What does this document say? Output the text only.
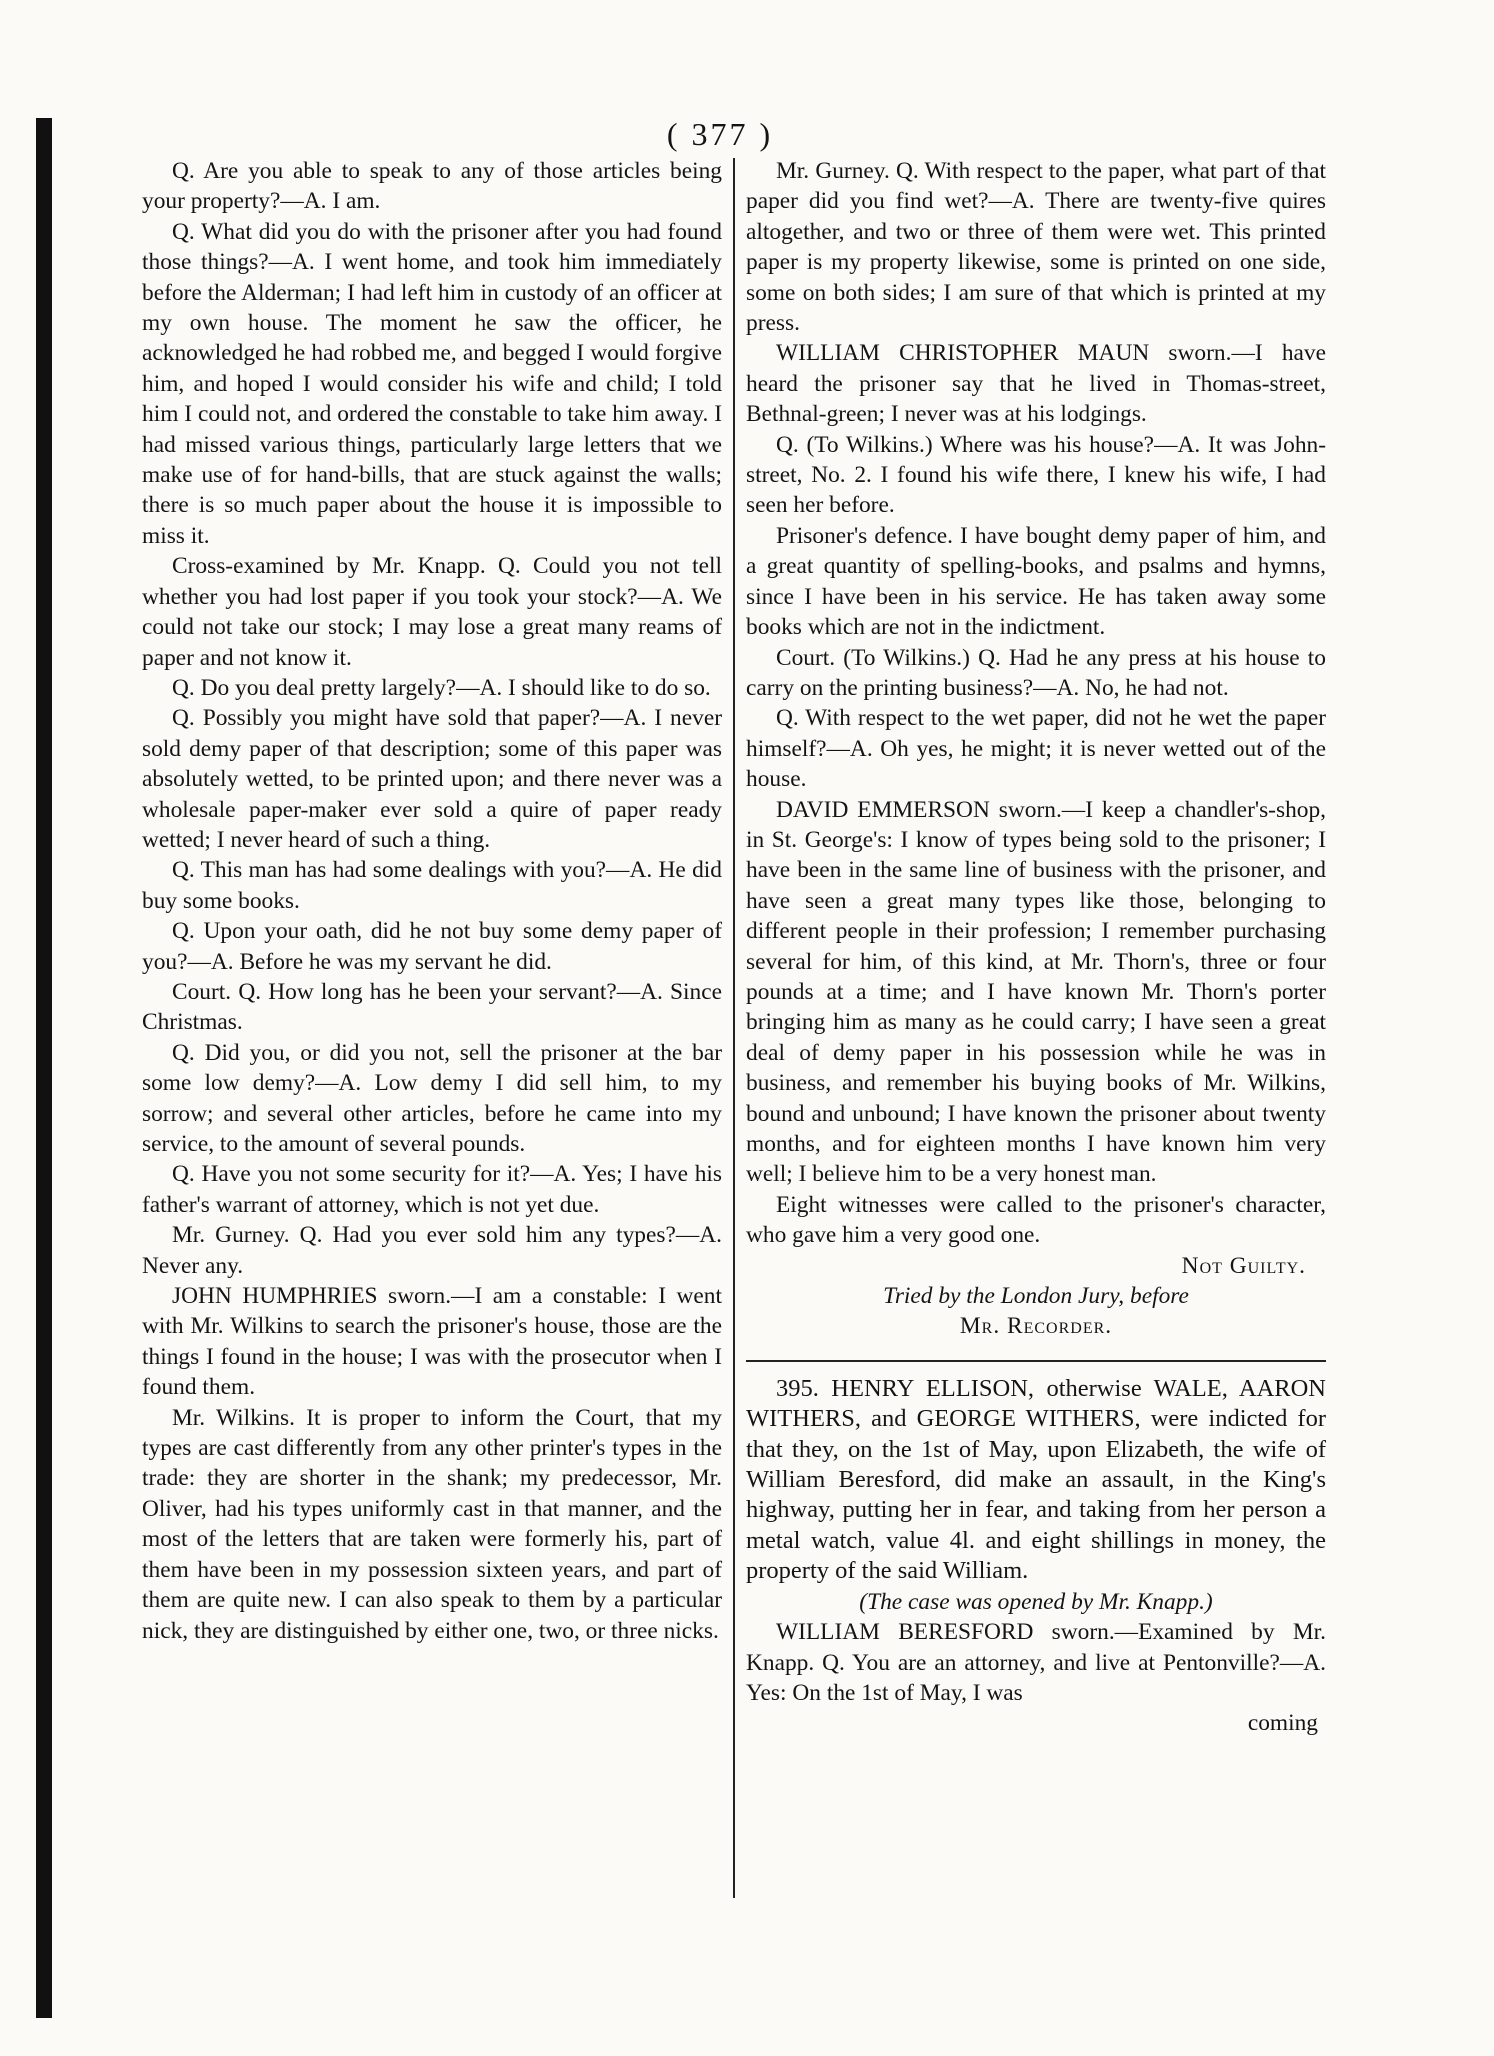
( 377 )

Q. Are you able to speak to any of those articles being your property?—A. I am.

Q. What did you do with the prisoner after you had found those things?—A. I went home, and took him immediately before the Alderman; I had left him in custody of an officer at my own house. The moment he saw the officer, he acknowledged he had robbed me, and begged I would forgive him, and hoped I would consider his wife and child; I told him I could not, and ordered the constable to take him away. I had missed various things, particularly large letters that we make use of for hand-bills, that are stuck against the walls; there is so much paper about the house it is impossible to miss it.

Cross-examined by Mr. Knapp. Q. Could you not tell whether you had lost paper if you took your stock?—A. We could not take our stock; I may lose a great many reams of paper and not know it.

Q. Do you deal pretty largely?—A. I should like to do so.

Q. Possibly you might have sold that paper?—A. I never sold demy paper of that description; some of this paper was absolutely wetted, to be printed upon; and there never was a wholesale paper-maker ever sold a quire of paper ready wetted; I never heard of such a thing.

Q. This man has had some dealings with you?—A. He did buy some books.

Q. Upon your oath, did he not buy some demy paper of you?—A. Before he was my servant he did.

Court. Q. How long has he been your servant?—A. Since Christmas.

Q. Did you, or did you not, sell the prisoner at the bar some low demy?—A. Low demy I did sell him, to my sorrow; and several other articles, before he came into my service, to the amount of several pounds.

Q. Have you not some security for it?—A. Yes; I have his father's warrant of attorney, which is not yet due.

Mr. Gurney. Q. Had you ever sold him any types?—A. Never any.

JOHN HUMPHRIES sworn.—I am a constable: I went with Mr. Wilkins to search the prisoner's house, those are the things I found in the house; I was with the prosecutor when I found them.

Mr. Wilkins. It is proper to inform the Court, that my types are cast differently from any other printer's types in the trade: they are shorter in the shank; my predecessor, Mr. Oliver, had his types uniformly cast in that manner, and the most of the letters that are taken were formerly his, part of them have been in my possession sixteen years, and part of them are quite new. I can also speak to them by a particular nick, they are distinguished by either one, two, or three nicks.

Mr. Gurney. Q. With respect to the paper, what part of that paper did you find wet?—A. There are twenty-five quires altogether, and two or three of them were wet. This printed paper is my property likewise, some is printed on one side, some on both sides; I am sure of that which is printed at my press.

WILLIAM CHRISTOPHER MAUN sworn.—I have heard the prisoner say that he lived in Thomas-street, Bethnal-green; I never was at his lodgings.

Q. (To Wilkins.) Where was his house?—A. It was John-street, No. 2. I found his wife there, I knew his wife, I had seen her before.

Prisoner's defence. I have bought demy paper of him, and a great quantity of spelling-books, and psalms and hymns, since I have been in his service. He has taken away some books which are not in the indictment.

Court. (To Wilkins.) Q. Had he any press at his house to carry on the printing business?—A. No, he had not.

Q. With respect to the wet paper, did not he wet the paper himself?—A. Oh yes, he might; it is never wetted out of the house.

DAVID EMMERSON sworn.—I keep a chandler's-shop, in St. George's: I know of types being sold to the prisoner; I have been in the same line of business with the prisoner, and have seen a great many types like those, belonging to different people in their profession; I remember purchasing several for him, of this kind, at Mr. Thorn's, three or four pounds at a time; and I have known Mr. Thorn's porter bringing him as many as he could carry; I have seen a great deal of demy paper in his possession while he was in business, and remember his buying books of Mr. Wilkins, bound and unbound; I have known the prisoner about twenty months, and for eighteen months I have known him very well; I believe him to be a very honest man.

Eight witnesses were called to the prisoner's character, who gave him a very good one.

Not Guilty.

Tried by the London Jury, before

Mr. Recorder.

395. HENRY ELLISON, otherwise WALE, AARON WITHERS, and GEORGE WITHERS, were indicted for that they, on the 1st of May, upon Elizabeth, the wife of William Beresford, did make an assault, in the King's highway, putting her in fear, and taking from her person a metal watch, value 4l. and eight shillings in money, the property of the said William.

(The case was opened by Mr. Knapp.)

WILLIAM BERESFORD sworn.—Examined by Mr. Knapp. Q. You are an attorney, and live at Pentonville?—A. Yes: On the 1st of May, I was

coming
